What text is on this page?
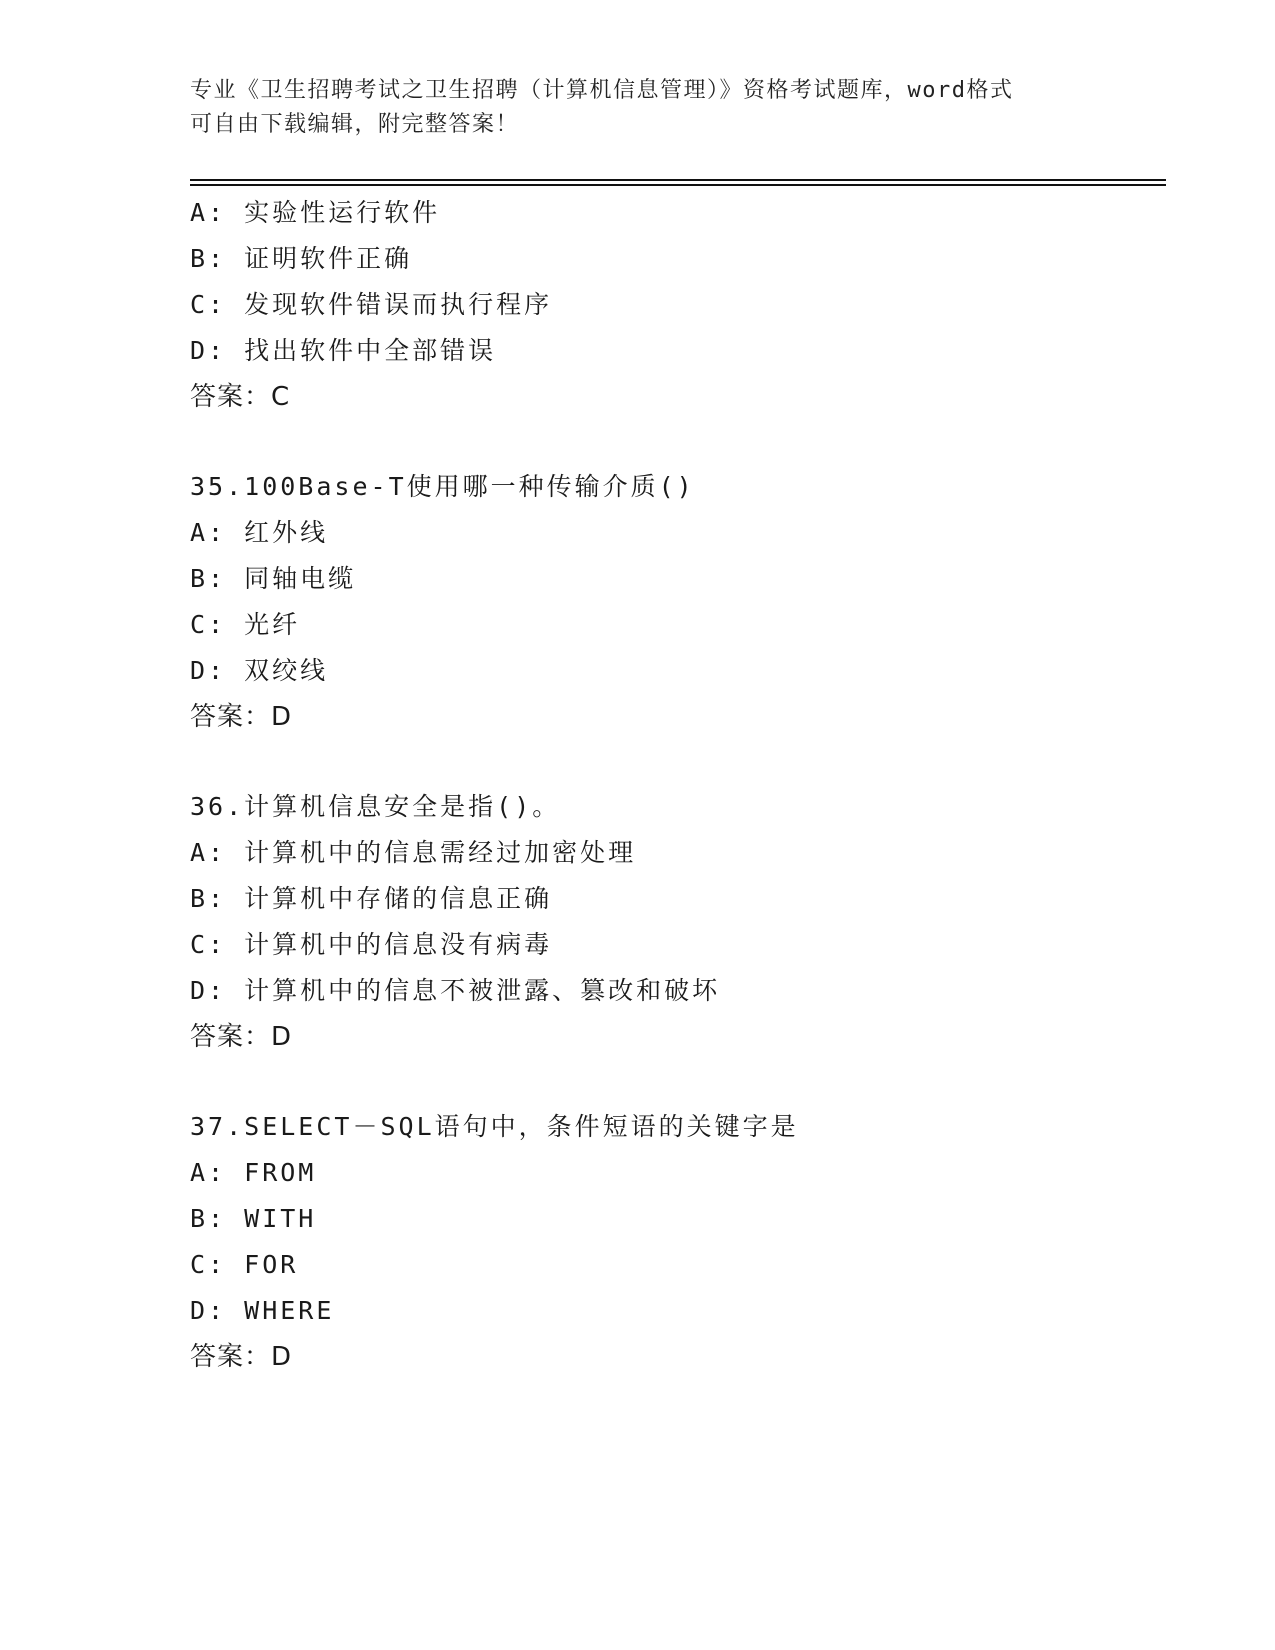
专业《卫生招聘考试之卫生招聘（计算机信息管理）》资格考试题库，word格式
可自由下载编辑，附完整答案！
A: 实验性运行软件
B: 证明软件正确
C: 发现软件错误而执行程序
D: 找出软件中全部错误
答案：C
35.100Base-T使用哪一种传输介质()
A: 红外线
B: 同轴电缆
C: 光纤
D: 双绞线
答案：D
36.计算机信息安全是指()。
A: 计算机中的信息需经过加密处理
B: 计算机中存储的信息正确
C: 计算机中的信息没有病毒
D: 计算机中的信息不被泄露、篡改和破坏
答案：D
37.SELECT－SQL语句中，条件短语的关键字是
A: FROM
B: WITH
C: FOR
D: WHERE
答案：D
